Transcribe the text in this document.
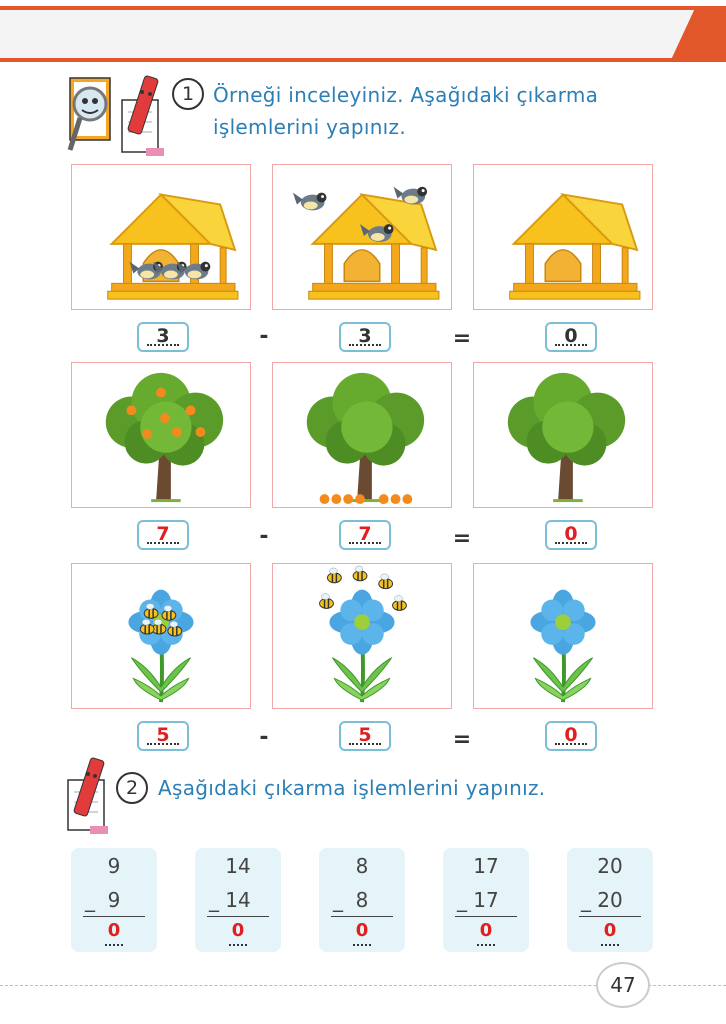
1 Örneği inceleyiniz. Aşağıdaki çıkarma
işlemlerini yapınız.
3	-	3	=	0
7	-	7	=	0
5	-	5	=	0
2 Aşağıdaki çıkarma işlemlerini yapınız.
9
_ 9
0
14
_ 14
0
8
_ 8
0
17
_ 17
0
20
_ 20
0
47
